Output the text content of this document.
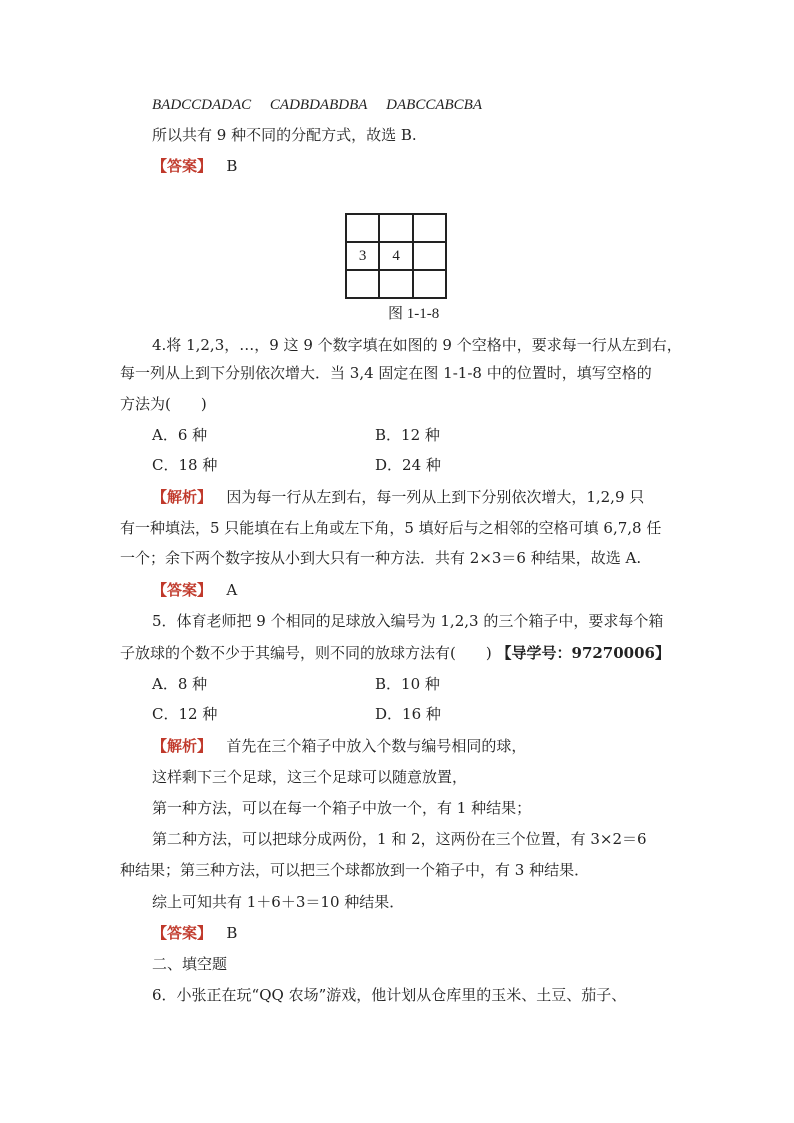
BADCCDADAC CADBDABDBA DABCCABCBA
所以共有 9 种不同的分配方式，故选 B.
【答案】 B
3	4
图 1-1-8
4.将 1,2,3，…，9 这 9 个数字填在如图的 9 个空格中，要求每一行从左到右，
每一列从上到下分别依次增大．当 3,4 固定在图 1-1-8 中的位置时，填写空格的
方法为(　　)
A．6 种	B．12 种
C．18 种	D．24 种
【解析】 因为每一行从左到右，每一列从上到下分别依次增大，1,2,9 只
有一种填法，5 只能填在右上角或左下角，5 填好后与之相邻的空格可填 6,7,8 任
一个；余下两个数字按从小到大只有一种方法．共有 2×3＝6 种结果，故选 A.
【答案】 A
5．体育老师把 9 个相同的足球放入编号为 1,2,3 的三个箱子中，要求每个箱
子放球的个数不少于其编号，则不同的放球方法有(　　) 【导学号：97270006】
A．8 种	B．10 种
C．12 种	D．16 种
【解析】 首先在三个箱子中放入个数与编号相同的球，
这样剩下三个足球，这三个足球可以随意放置，
第一种方法，可以在每一个箱子中放一个，有 1 种结果；
第二种方法，可以把球分成两份，1 和 2，这两份在三个位置，有 3×2＝6
种结果；第三种方法，可以把三个球都放到一个箱子中，有 3 种结果．
综上可知共有 1＋6＋3＝10 种结果．
【答案】 B
二、填空题
6．小张正在玩“QQ 农场”游戏，他计划从仓库里的玉米、土豆、茄子、
